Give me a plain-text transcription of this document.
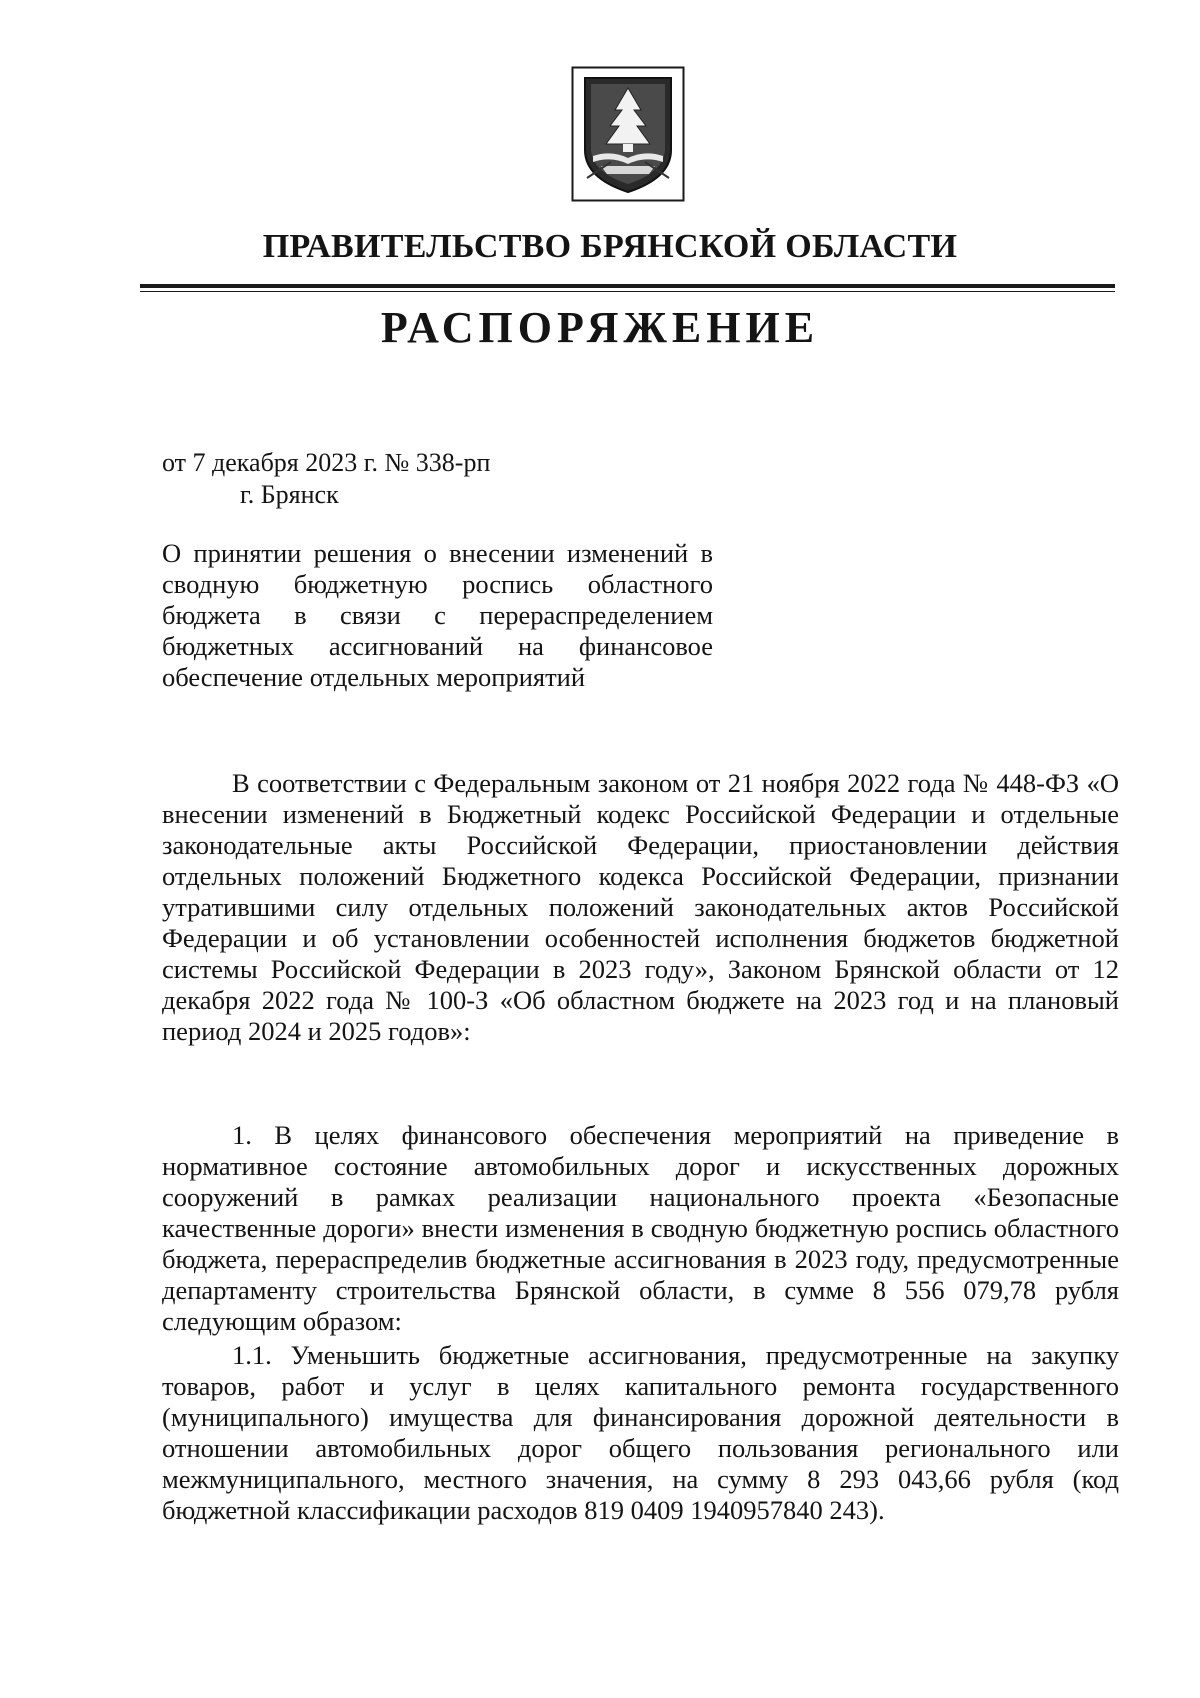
ПРАВИТЕЛЬСТВО БРЯНСКОЙ ОБЛАСТИ
РАСПОРЯЖЕНИЕ
от 7 декабря 2023 г. № 338-рп
г. Брянск
О принятии решения о внесении изменений в сводную бюджетную роспись областного бюджета в связи с перераспределением бюджетных ассигнований на финансовое обеспечение отдельных мероприятий
В соответствии с Федеральным законом от 21 ноября 2022 года № 448-ФЗ «О внесении изменений в Бюджетный кодекс Российской Федерации и отдельные законодательные акты Российской Федерации, приостановлении действия отдельных положений Бюджетного кодекса Российской Федерации, признании утратившими силу отдельных положений законодательных актов Российской Федерации и об установлении особенностей исполнения бюджетов бюджетной системы Российской Федерации в 2023 году», Законом Брянской области от 12 декабря 2022 года № 100-З «Об областном бюджете на 2023 год и на плановый период 2024 и 2025 годов»:
1. В целях финансового обеспечения мероприятий на приведение в нормативное состояние автомобильных дорог и искусственных дорожных сооружений в рамках реализации национального проекта «Безопасные качественные дороги» внести изменения в сводную бюджетную роспись областного бюджета, перераспределив бюджетные ассигнования в 2023 году, предусмотренные департаменту строительства Брянской области, в сумме 8 556 079,78 рубля следующим образом:
1.1. Уменьшить бюджетные ассигнования, предусмотренные на закупку товаров, работ и услуг в целях капитального ремонта государственного (муниципального) имущества для финансирования дорожной деятельности в отношении автомобильных дорог общего пользования регионального или межмуниципального, местного значения, на сумму 8 293 043,66 рубля (код бюджетной классификации расходов 819 0409 1940957840 243).
